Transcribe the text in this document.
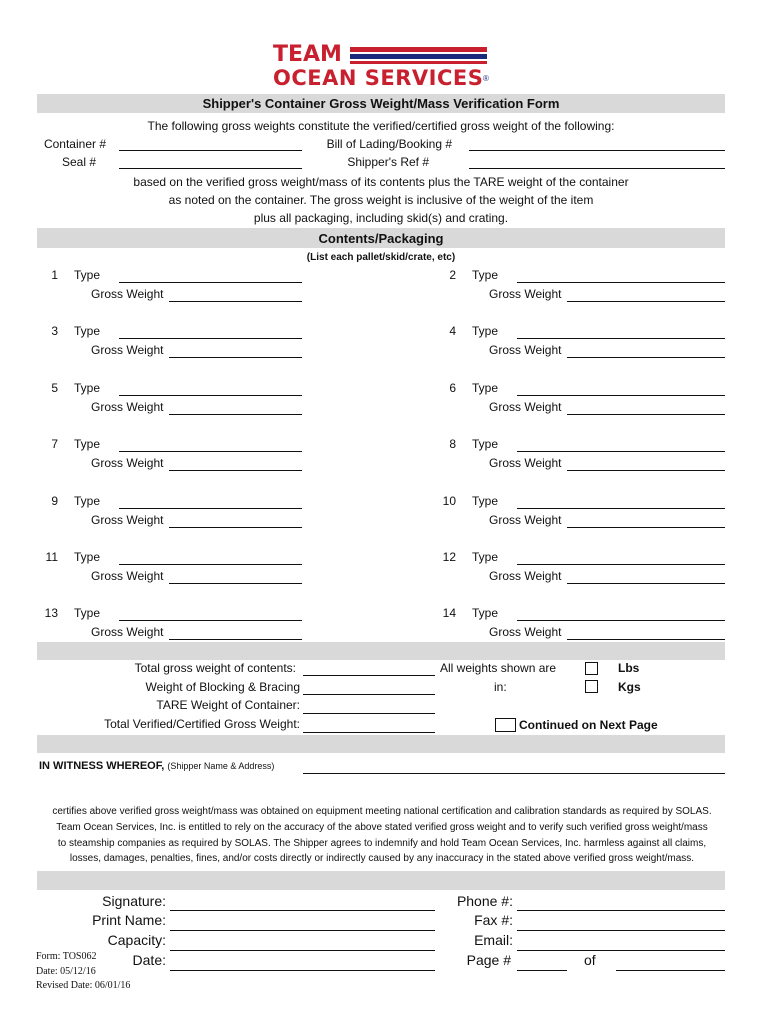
TEAM
OCEAN SERVICES ®
Shipper's Container Gross Weight/Mass Verification Form
The following gross weights constitute the verified/certified gross weight of the following:
Container #
Seal #
Bill of Lading/Booking #
Shipper's Ref #
based on the verified gross weight/mass of its contents plus the TARE weight of the container
as noted on the container. The gross weight is inclusive of the weight of the item
plus all packaging, including skid(s) and crating.
Contents/Packaging
(List each pallet/skid/crate, etc)
1 Type
Gross Weight
2 Type
Gross Weight
3 Type
Gross Weight
4 Type
Gross Weight
5 Type
Gross Weight
6 Type
Gross Weight
7 Type
Gross Weight
8 Type
Gross Weight
9 Type
Gross Weight
10 Type
Gross Weight
11 Type
Gross Weight
12 Type
Gross Weight
13 Type
Gross Weight
14 Type
Gross Weight
Total gross weight of contents:
Weight of Blocking & Bracing
TARE Weight of Container:
Total Verified/Certified Gross Weight:
All weights shown are
in:
Lbs
Kgs
Continued on Next Page
IN WITNESS WHEREOF, (Shipper Name & Address)
certifies above verified gross weight/mass was obtained on equipment meeting national certification and calibration standards as required by SOLAS.
Team Ocean Services, Inc. is entitled to rely on the accuracy of the above stated verified gross weight and to verify such verified gross weight/mass
to steamship companies as required by SOLAS. The Shipper agrees to indemnify and hold Team Ocean Services, Inc. harmless against all claims,
losses, damages, penalties, fines, and/or costs directly or indirectly caused by any inaccuracy in the stated above verified gross weight/mass.
Signature:
Print Name:
Capacity:
Date:
Phone #:
Fax #:
Email:
Page #	of
Form: TOS062
Date: 05/12/16
Revised Date: 06/01/16
